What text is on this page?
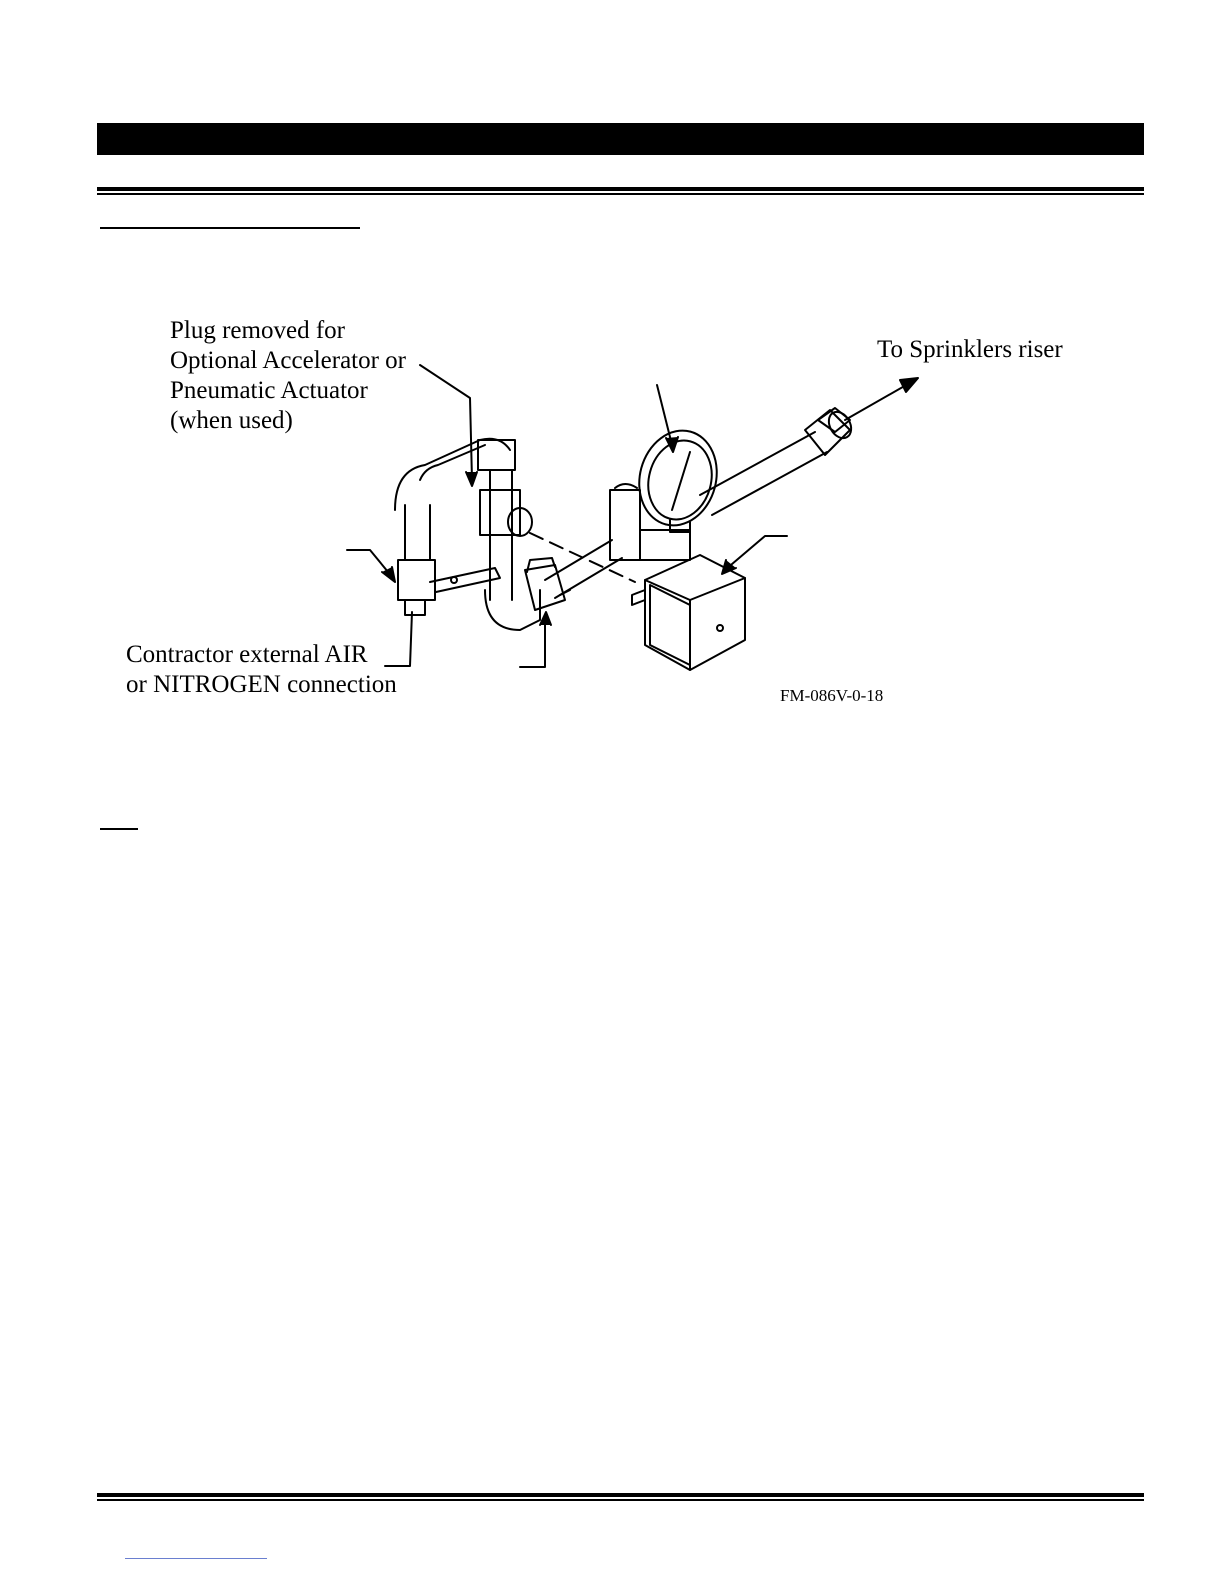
Plug removed for
Optional Accelerator or
Pneumatic Actuator
(when used)
To Sprinklers riser
Contractor external AIR
or NITROGEN connection	FM-086V-0-18
